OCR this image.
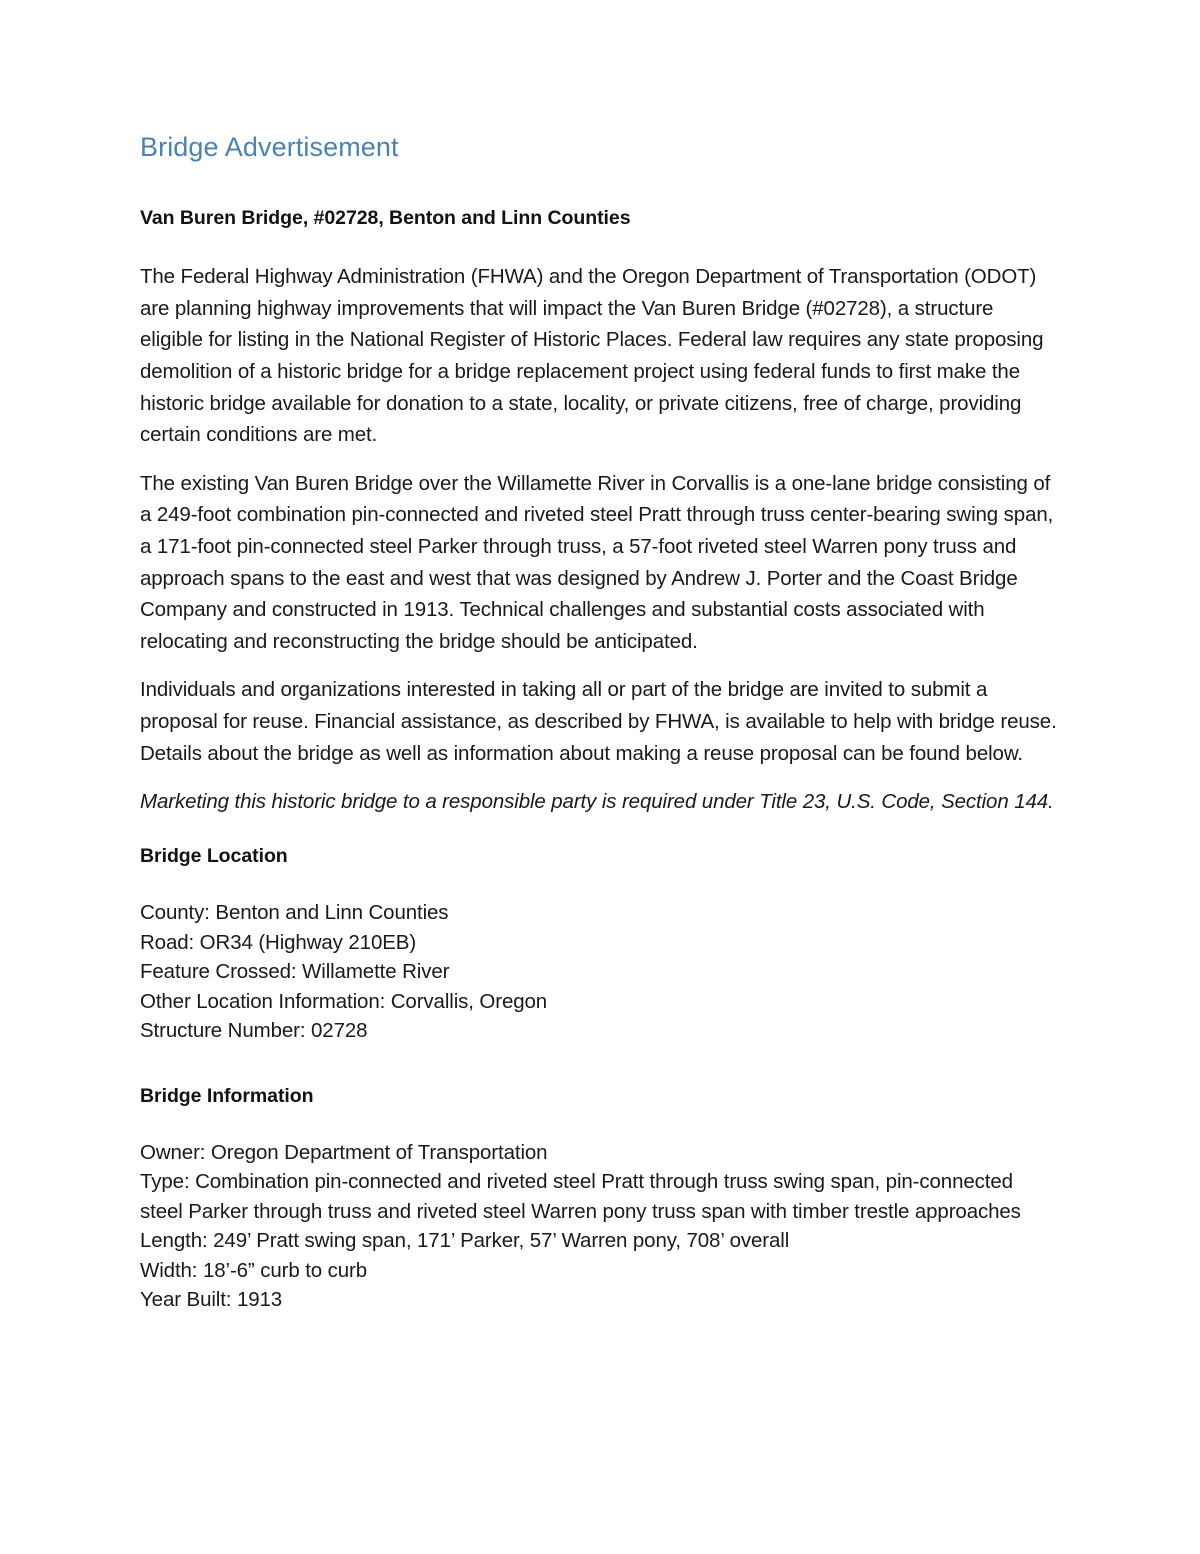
Bridge Advertisement

Van Buren Bridge, #02728, Benton and Linn Counties

The Federal Highway Administration (FHWA) and the Oregon Department of Transportation (ODOT) are planning highway improvements that will impact the Van Buren Bridge (#02728), a structure eligible for listing in the National Register of Historic Places. Federal law requires any state proposing demolition of a historic bridge for a bridge replacement project using federal funds to first make the historic bridge available for donation to a state, locality, or private citizens, free of charge, providing certain conditions are met.

The existing Van Buren Bridge over the Willamette River in Corvallis is a one-lane bridge consisting of a 249-foot combination pin-connected and riveted steel Pratt through truss center-bearing swing span, a 171-foot pin-connected steel Parker through truss, a 57-foot riveted steel Warren pony truss and approach spans to the east and west that was designed by Andrew J. Porter and the Coast Bridge Company and constructed in 1913. Technical challenges and substantial costs associated with relocating and reconstructing the bridge should be anticipated.

Individuals and organizations interested in taking all or part of the bridge are invited to submit a proposal for reuse. Financial assistance, as described by FHWA, is available to help with bridge reuse. Details about the bridge as well as information about making a reuse proposal can be found below.

Marketing this historic bridge to a responsible party is required under Title 23, U.S. Code, Section 144.

Bridge Location
County: Benton and Linn Counties
Road: OR34 (Highway 210EB)
Feature Crossed: Willamette River
Other Location Information: Corvallis, Oregon
Structure Number: 02728
Bridge Information
Owner: Oregon Department of Transportation
Type: Combination pin-connected and riveted steel Pratt through truss swing span, pin-connected steel Parker through truss and riveted steel Warren pony truss span with timber trestle approaches
Length: 249’ Pratt swing span, 171’ Parker, 57’ Warren pony, 708’ overall
Width: 18’-6” curb to curb
Year Built: 1913
